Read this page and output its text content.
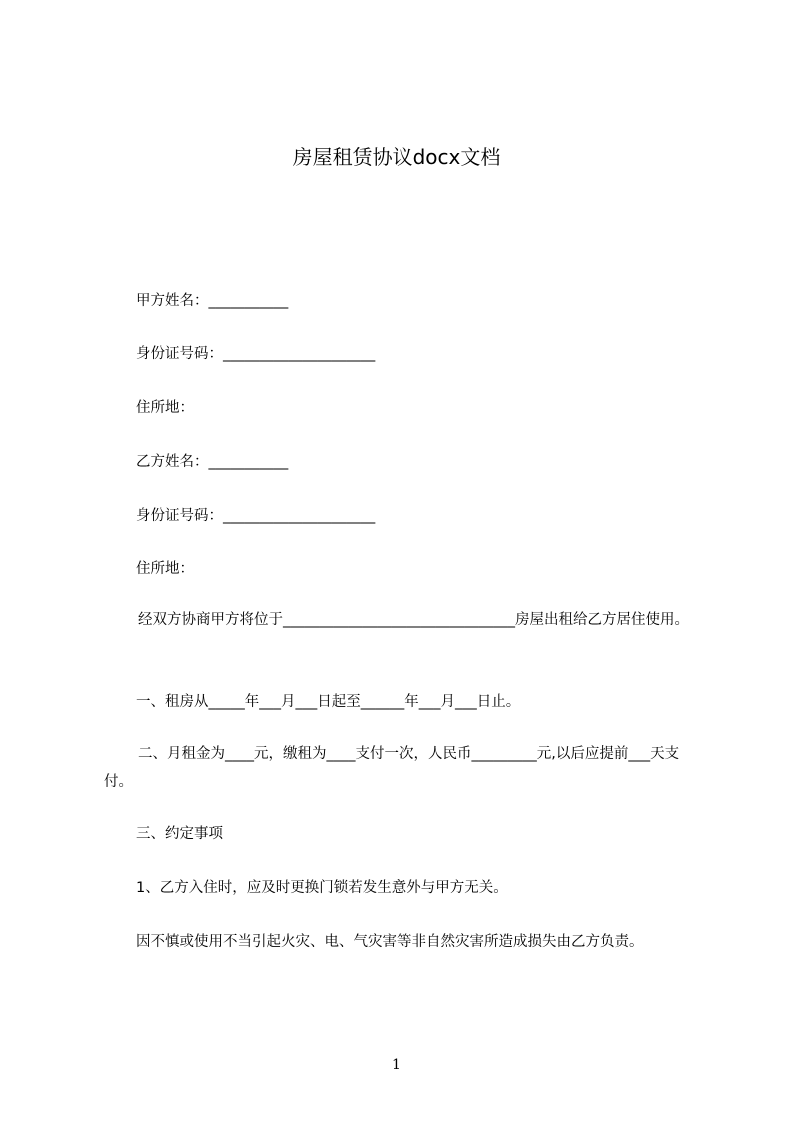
房屋租赁协议docx文档
甲方姓名：___________
身份证号码：_____________________
住所地：
乙方姓名：___________
身份证号码：_____________________
住所地：
经双方协商甲方将位于________________________________房屋出租给乙方居住使用。
一、租房从_____年___月___日起至______年___月___日止。
二、月租金为____元，缴租为____支付一次，人民币_________元,以后应提前___天支付。
三、约定事项
1、乙方入住时，应及时更换门锁若发生意外与甲方无关。
因不慎或使用不当引起火灾、电、气灾害等非自然灾害所造成损失由乙方负责。
1
